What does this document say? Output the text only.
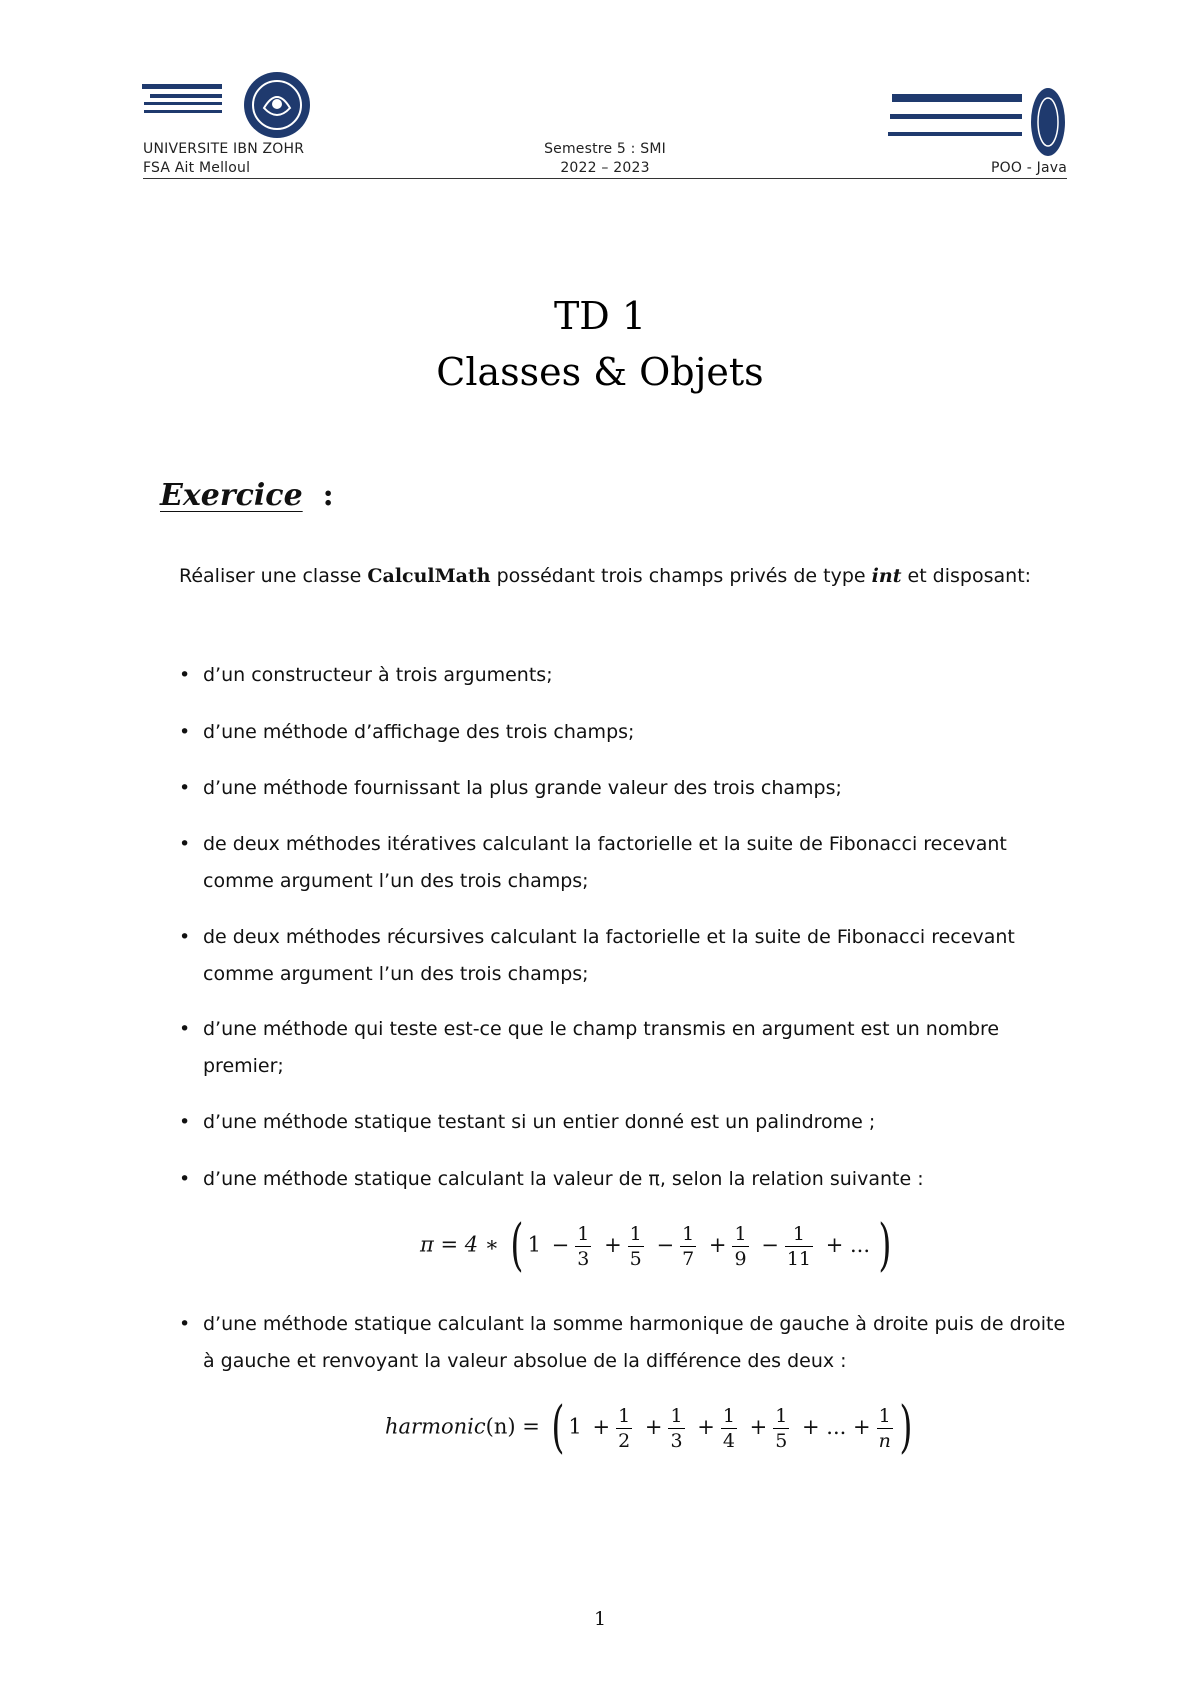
UNIVERSITE IBN ZOHR	Semestre 5 : SMI
FSA Ait Melloul	2022 – 2023	POO - Java
TD 1
Classes & Objets
Exercice :
Réaliser une classe CalculMath possédant trois champs privés de type int et disposant:
• d’un constructeur à trois arguments;
• d’une méthode d’affichage des trois champs;
• d’une méthode fournissant la plus grande valeur des trois champs;
• de deux méthodes itératives calculant la factorielle et la suite de Fibonacci recevant comme argument l’un des trois champs;
• de deux méthodes récursives calculant la factorielle et la suite de Fibonacci recevant comme argument l’un des trois champs;
• d’une méthode qui teste est-ce que le champ transmis en argument est un nombre premier;
• d’une méthode statique testant si un entier donné est un palindrome ;
• d’une méthode statique calculant la valeur de π, selon la relation suivante :
π = 4 ∗ ( $1 - \frac{1}{3} + \frac{1}{5} - \frac{1}{7} + \frac{1}{9} - \frac{1}{11}$ + ... )
• d’une méthode statique calculant la somme harmonique de gauche à droite puis de droite à gauche et renvoyant la valeur absolue de la différence des deux :
harmonic(n) = ( $1 + \frac{1}{2} + \frac{1}{3} + \frac{1}{4} + \frac{1}{5}$ + ... + $\frac{1}{n}$ )
1
